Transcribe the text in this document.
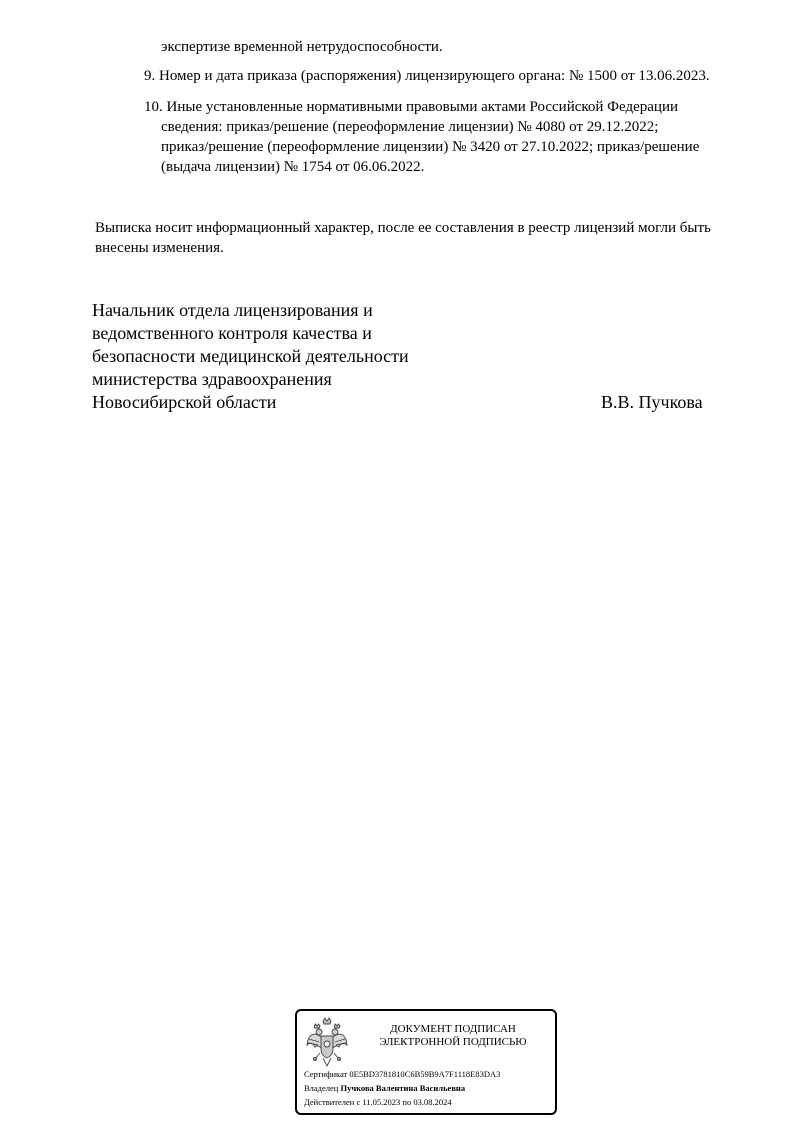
экспертизе временной нетрудоспособности.
9. Номер и дата приказа (распоряжения) лицензирующего органа: № 1500 от 13.06.2023.
10. Иные установленные нормативными правовыми актами Российской Федерации
сведения: приказ/решение (переоформление лицензии) № 4080 от 29.12.2022;
приказ/решение (переоформление лицензии) № 3420 от 27.10.2022; приказ/решение
(выдача лицензии) № 1754 от 06.06.2022.
Выписка носит информационный характер, после ее составления в реестр лицензий могли быть
внесены изменения.
Начальник отдела лицензирования и
ведомственного контроля качества и
безопасности медицинской деятельности
министерства здравоохранения
Новосибирской области	В.В. Пучкова
ДОКУМЕНТ ПОДПИСАН
ЭЛЕКТРОННОЙ ПОДПИСЬЮ
Сертификат 0E5BD3781810C6B59B9A7F1118E83DA3
Владелец Пучкова Валентина Васильевна
Действителен с 11.05.2023 по 03.08.2024
